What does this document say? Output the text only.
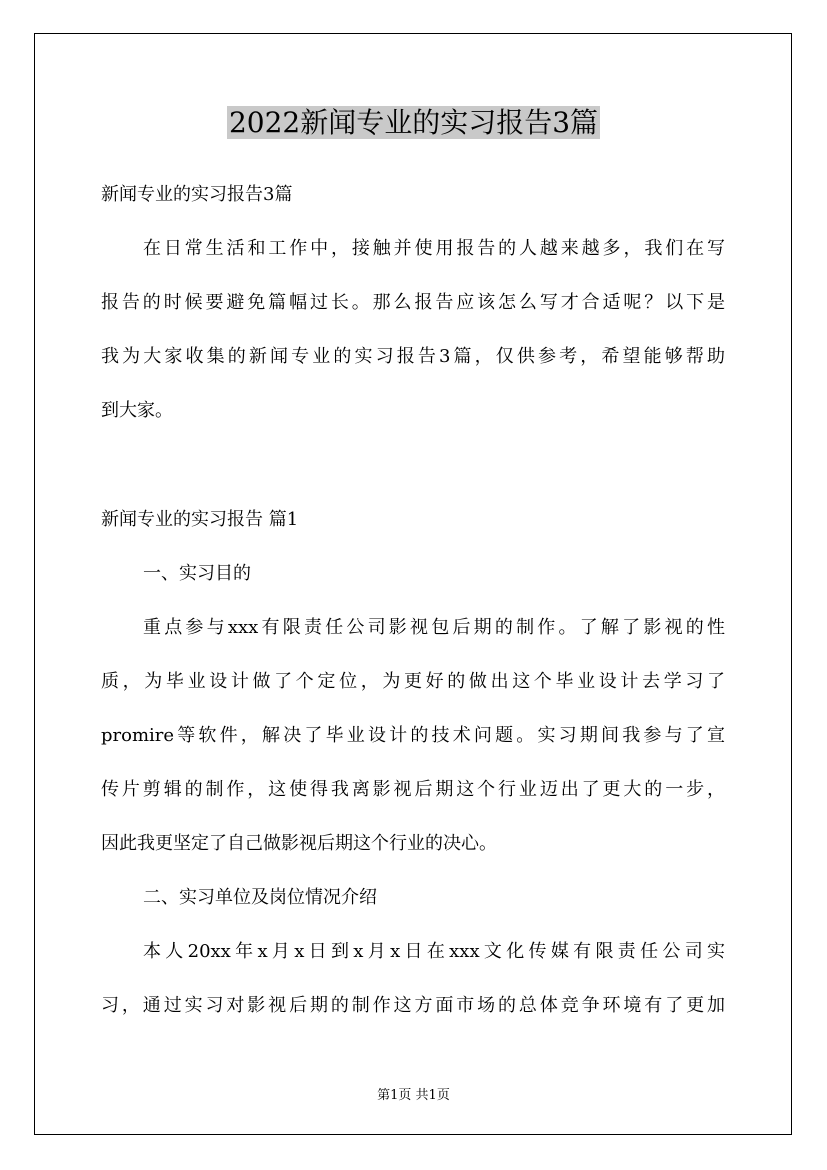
2022新闻专业的实习报告3篇
新闻专业的实习报告3篇
在日常生活和工作中，接触并使用报告的人越来越多，我们在写
报告的时候要避免篇幅过长。那么报告应该怎么写才合适呢？以下是
我为大家收集的新闻专业的实习报告3篇，仅供参考，希望能够帮助
到大家。
新闻专业的实习报告 篇1
一、实习目的
重点参与xxx有限责任公司影视包后期的制作。了解了影视的性
质，为毕业设计做了个定位，为更好的做出这个毕业设计去学习了
promire等软件，解决了毕业设计的技术问题。实习期间我参与了宣
传片剪辑的制作，这使得我离影视后期这个行业迈出了更大的一步，
因此我更坚定了自己做影视后期这个行业的决心。
二、实习单位及岗位情况介绍
本人20xx年x月x日到x月x日在xxx文化传媒有限责任公司实
习，通过实习对影视后期的制作这方面市场的总体竞争环境有了更加
第1页 共1页
